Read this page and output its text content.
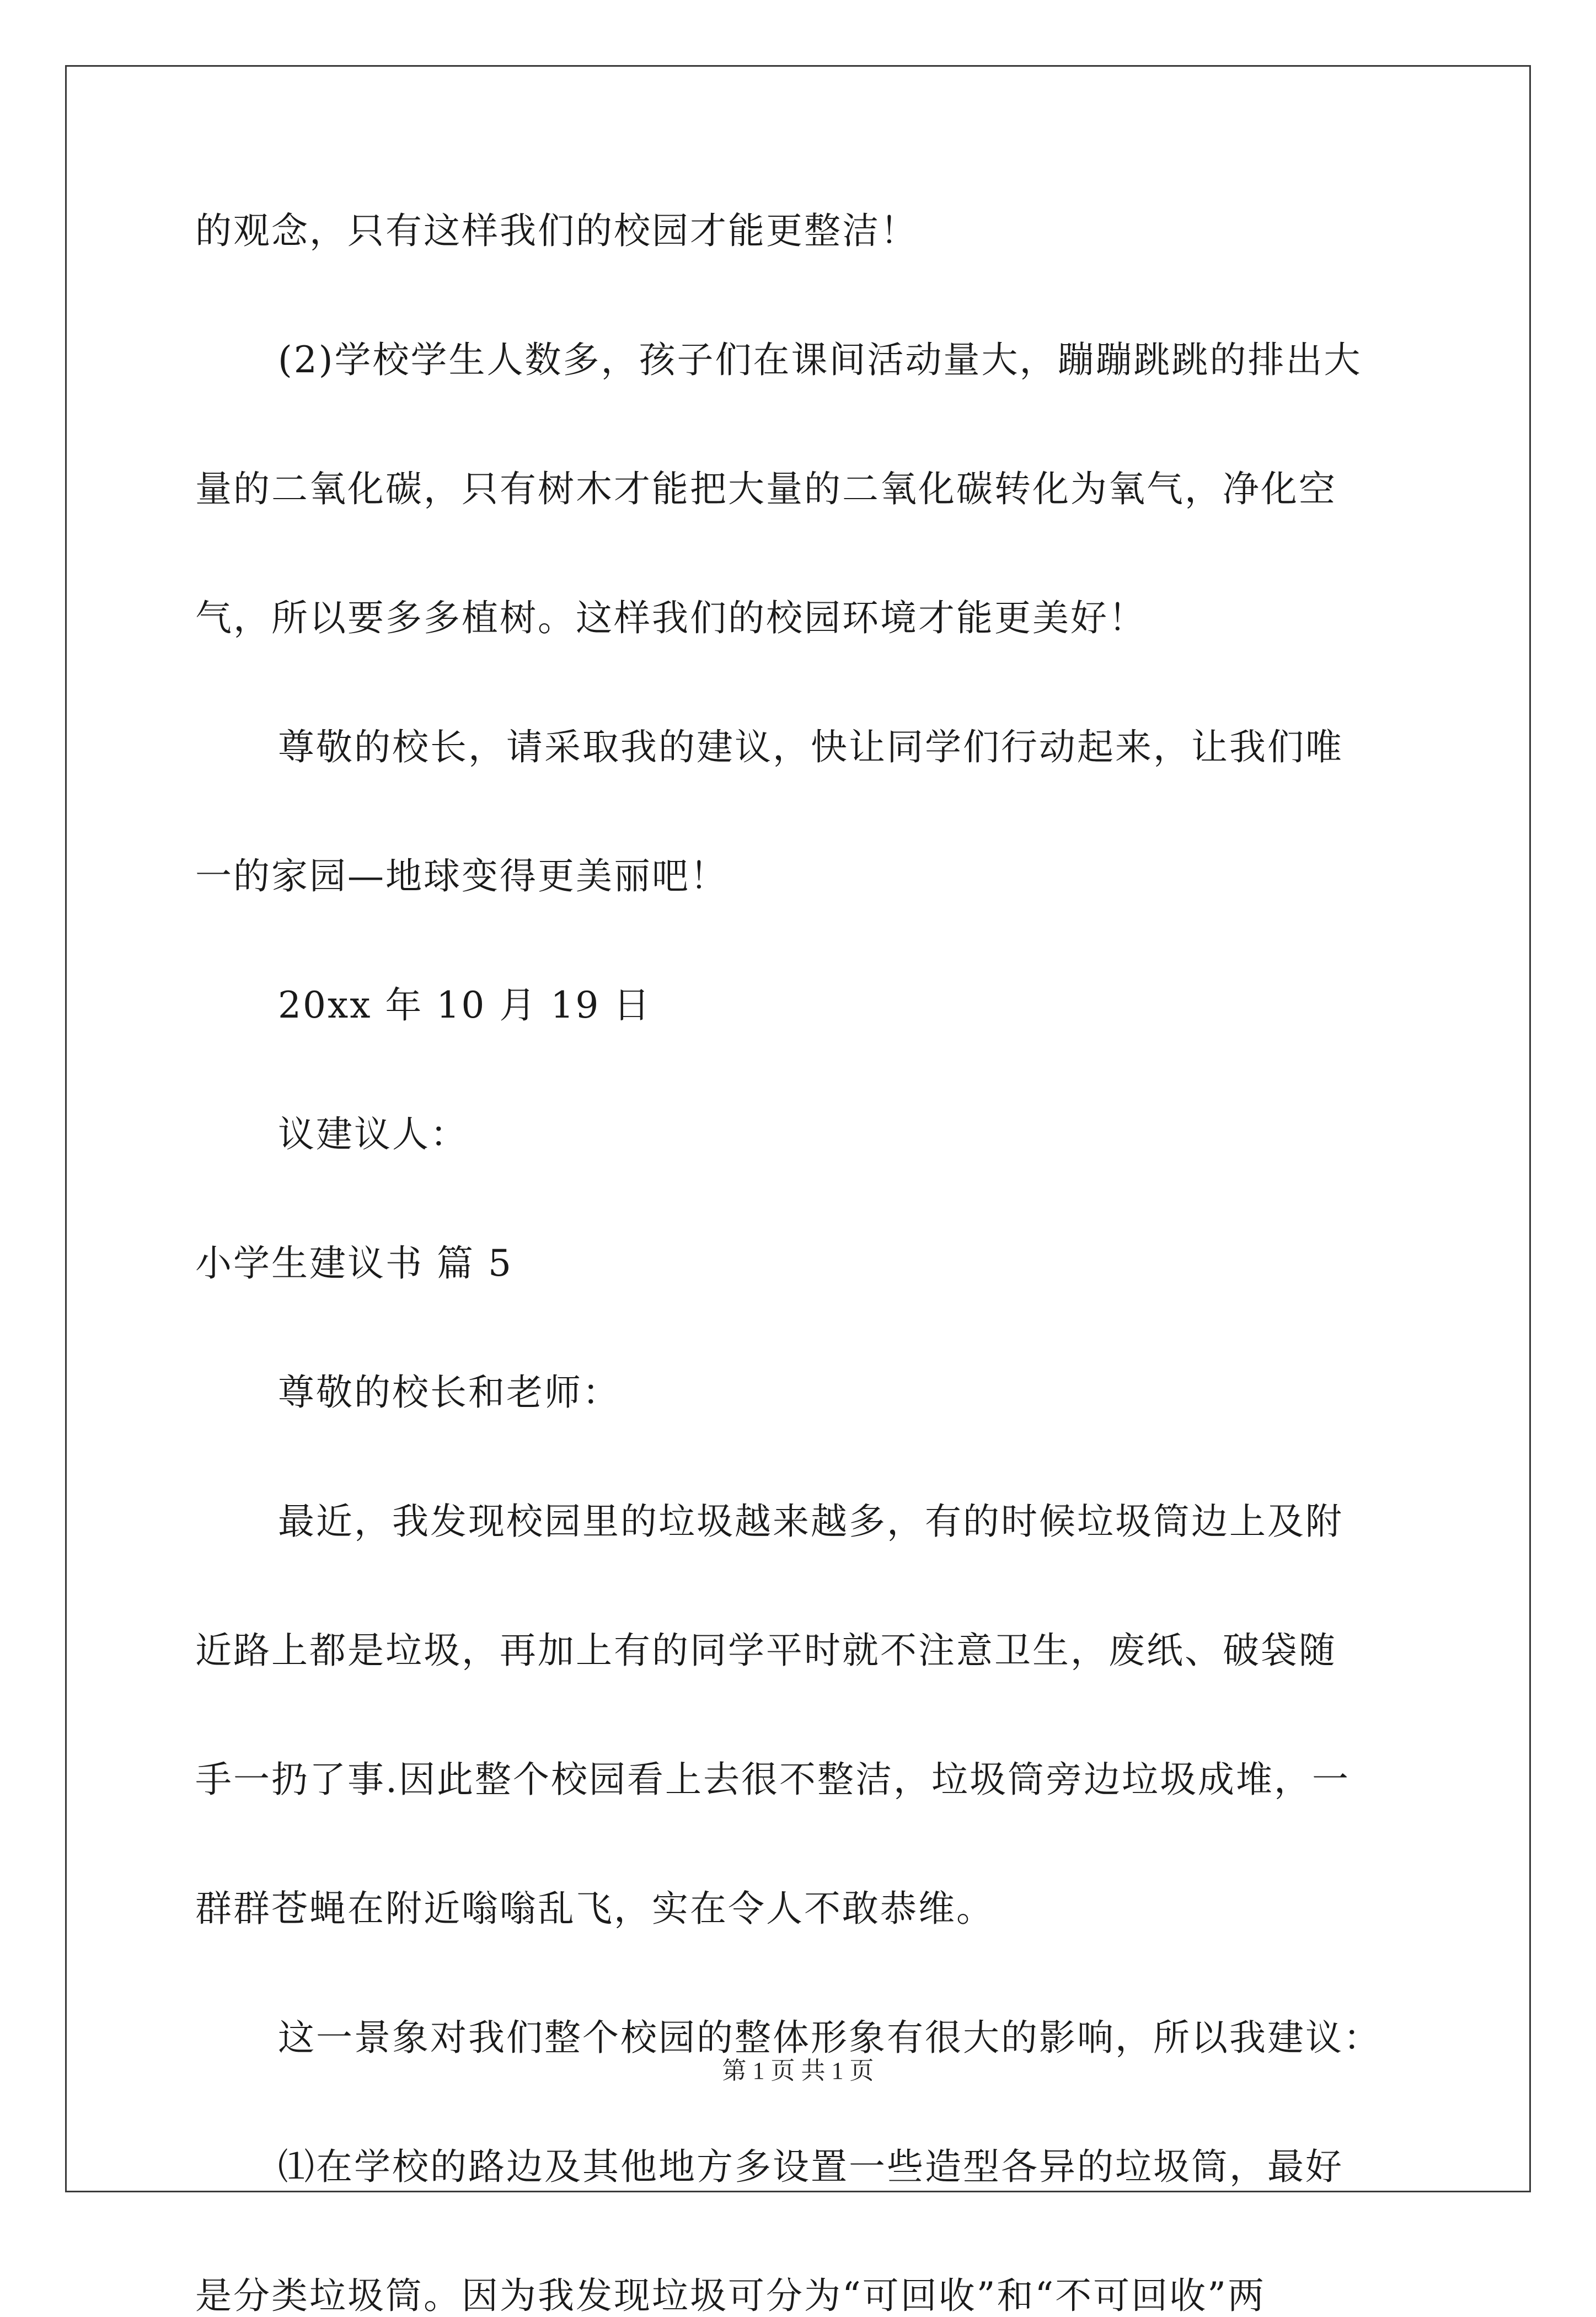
的观念，只有这样我们的校园才能更整洁！
(2)学校学生人数多，孩子们在课间活动量大，蹦蹦跳跳的排出大
量的二氧化碳，只有树木才能把大量的二氧化碳转化为氧气，净化空
气，所以要多多植树。这样我们的校园环境才能更美好！
尊敬的校长，请采取我的建议，快让同学们行动起来，让我们唯
一的家园—地球变得更美丽吧！
20xx 年 10 月 19 日
议建议人：
小学生建议书 篇 5
尊敬的校长和老师：
最近，我发现校园里的垃圾越来越多，有的时候垃圾筒边上及附
近路上都是垃圾，再加上有的同学平时就不注意卫生，废纸、破袋随
手一扔了事.因此整个校园看上去很不整洁，垃圾筒旁边垃圾成堆，一
群群苍蝇在附近嗡嗡乱飞，实在令人不敢恭维。
这一景象对我们整个校园的整体形象有很大的影响，所以我建议：
⑴在学校的路边及其他地方多设置一些造型各异的垃圾筒，最好
是分类垃圾筒。因为我发现垃圾可分为“可回收”和“不可回收”两
第 1 页 共 1 页
